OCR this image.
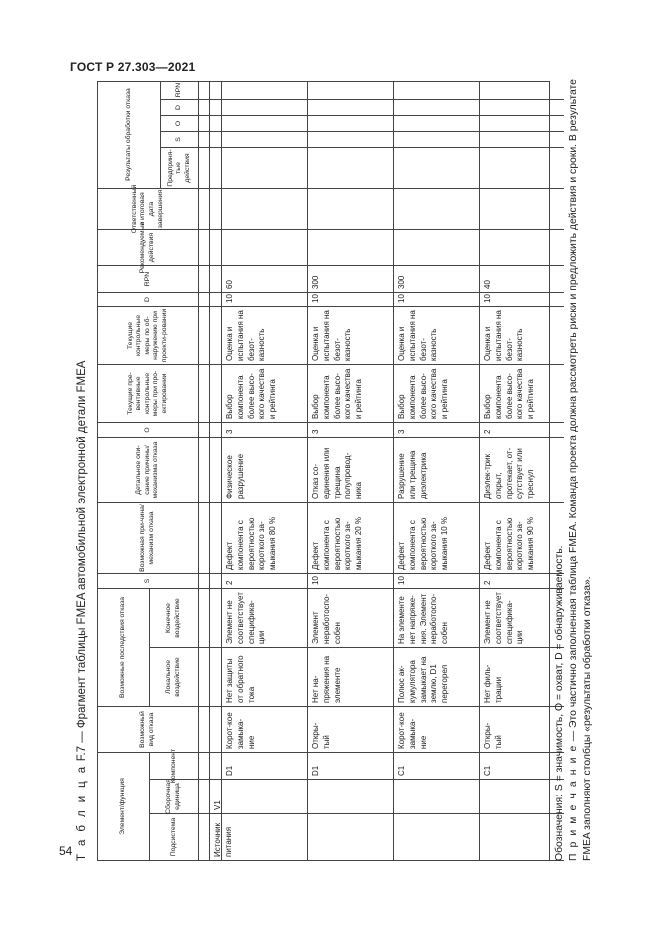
ГОСТ Р 27.303—2021
Т а б л и ц а F.7 — Фрагмент таблицы FMEA автомобильной электронной детали FMEA
Элемент/функция
Подсистема
Сборочная единица
Компонент
Возможный вид отказа
Возможные последствия отказа	Локальное воздействие
Конечное воздействие
S
Возможная при-чина/механизм отказа
Детальное опи-сание причины/механизма отказа
O
Текущие пре-вентивные контрольные меры при про-ектировании
Текущие контрольные меры по об-наружению при проекти-ровании
D
RPN
Рекомендуемые действия
Ответственный и итоговая дата завершения
Результаты обработки отказа	Предприня-тые действия
S
O
D
RPN
Источник питания
V1
D1
Корот-кое замыка-ние
Нет защиты от обратного тока
Элемент не соответствует специфика-ции
2
Дефект компонента с вероятностью короткого за-мыкания 80 %
Физическое разрушение
3
Выбор компонента более высо-кого качества и рейтинга
Оценка и испытания на безот-казность
10
60
D1
Откры-тый
Нет на-пряжения на элементе
Элемент неработоспо-собен
10
Дефект компонента с вероятностью короткого за-мыкания 20 %
Отказ со-единения или трещина полупровод-ника
3
Выбор компонента более высо-кого качества и рейтинга
Оценка и испытания на безот-казность
10
300
C1
Корот-кое замыка-ние
Полюс ак-кумулятора замыкает на землю, D1 перегорел
На элементе нет напряже-ния. Элемент неработоспо-собен
10
Дефект компонента с вероятностью короткого за-мыкания 10 %
Разрушение или трещина диэлектрика
3
Выбор компонента более высо-кого качества и рейтинга
Оценка и испытания на безот-казность
10
300
C1
Откры-тый
Нет филь-трации
Элемент не соответствует специфика-ции
2
Дефект компонента с вероятностью короткого за-мыкания 90 %
Диэлек-трик открыт, протекает, от-сутствует или треснул
2
Выбор компонента более высо-кого качества и рейтинга
Оценка и испытания на безот-казность
10
40
Обозначения: S = значимость, O = охват, D = обнаруживаемость. П р и м е ч а н и е — Это частично заполненная таблица FMEA. Команда проекта должна рассмотреть риски и предложить действия и сроки. В результате FMEA заполняют столбцы «результаты обработки отказа».
54
